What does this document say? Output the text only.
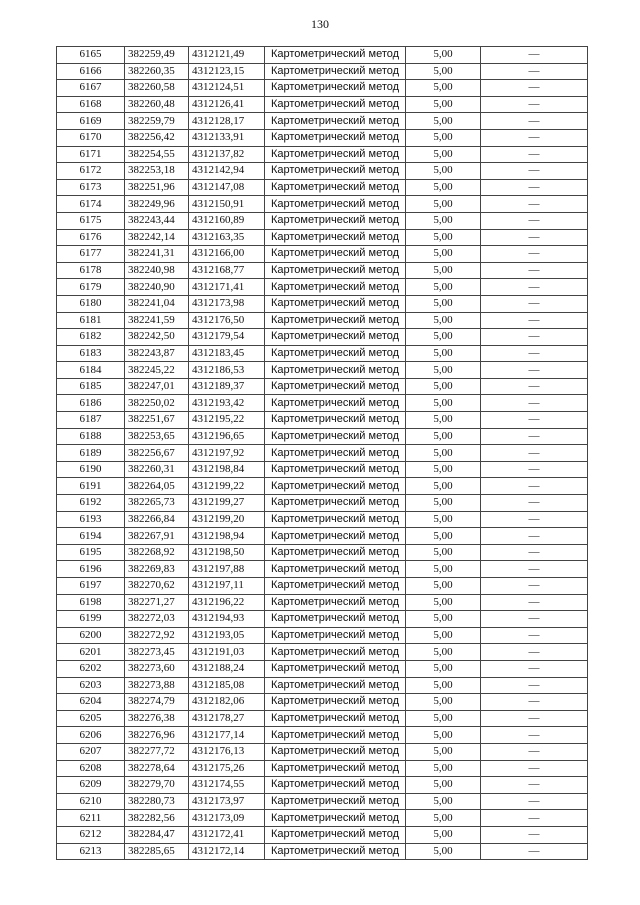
130
6165	382259,49	4312121,49	Картометрический метод	5,00	—
6166	382260,35	4312123,15	Картометрический метод	5,00	—
6167	382260,58	4312124,51	Картометрический метод	5,00	—
6168	382260,48	4312126,41	Картометрический метод	5,00	—
6169	382259,79	4312128,17	Картометрический метод	5,00	—
6170	382256,42	4312133,91	Картометрический метод	5,00	—
6171	382254,55	4312137,82	Картометрический метод	5,00	—
6172	382253,18	4312142,94	Картометрический метод	5,00	—
6173	382251,96	4312147,08	Картометрический метод	5,00	—
6174	382249,96	4312150,91	Картометрический метод	5,00	—
6175	382243,44	4312160,89	Картометрический метод	5,00	—
6176	382242,14	4312163,35	Картометрический метод	5,00	—
6177	382241,31	4312166,00	Картометрический метод	5,00	—
6178	382240,98	4312168,77	Картометрический метод	5,00	—
6179	382240,90	4312171,41	Картометрический метод	5,00	—
6180	382241,04	4312173,98	Картометрический метод	5,00	—
6181	382241,59	4312176,50	Картометрический метод	5,00	—
6182	382242,50	4312179,54	Картометрический метод	5,00	—
6183	382243,87	4312183,45	Картометрический метод	5,00	—
6184	382245,22	4312186,53	Картометрический метод	5,00	—
6185	382247,01	4312189,37	Картометрический метод	5,00	—
6186	382250,02	4312193,42	Картометрический метод	5,00	—
6187	382251,67	4312195,22	Картометрический метод	5,00	—
6188	382253,65	4312196,65	Картометрический метод	5,00	—
6189	382256,67	4312197,92	Картометрический метод	5,00	—
6190	382260,31	4312198,84	Картометрический метод	5,00	—
6191	382264,05	4312199,22	Картометрический метод	5,00	—
6192	382265,73	4312199,27	Картометрический метод	5,00	—
6193	382266,84	4312199,20	Картометрический метод	5,00	—
6194	382267,91	4312198,94	Картометрический метод	5,00	—
6195	382268,92	4312198,50	Картометрический метод	5,00	—
6196	382269,83	4312197,88	Картометрический метод	5,00	—
6197	382270,62	4312197,11	Картометрический метод	5,00	—
6198	382271,27	4312196,22	Картометрический метод	5,00	—
6199	382272,03	4312194,93	Картометрический метод	5,00	—
6200	382272,92	4312193,05	Картометрический метод	5,00	—
6201	382273,45	4312191,03	Картометрический метод	5,00	—
6202	382273,60	4312188,24	Картометрический метод	5,00	—
6203	382273,88	4312185,08	Картометрический метод	5,00	—
6204	382274,79	4312182,06	Картометрический метод	5,00	—
6205	382276,38	4312178,27	Картометрический метод	5,00	—
6206	382276,96	4312177,14	Картометрический метод	5,00	—
6207	382277,72	4312176,13	Картометрический метод	5,00	—
6208	382278,64	4312175,26	Картометрический метод	5,00	—
6209	382279,70	4312174,55	Картометрический метод	5,00	—
6210	382280,73	4312173,97	Картометрический метод	5,00	—
6211	382282,56	4312173,09	Картометрический метод	5,00	—
6212	382284,47	4312172,41	Картометрический метод	5,00	—
6213	382285,65	4312172,14	Картометрический метод	5,00	—
